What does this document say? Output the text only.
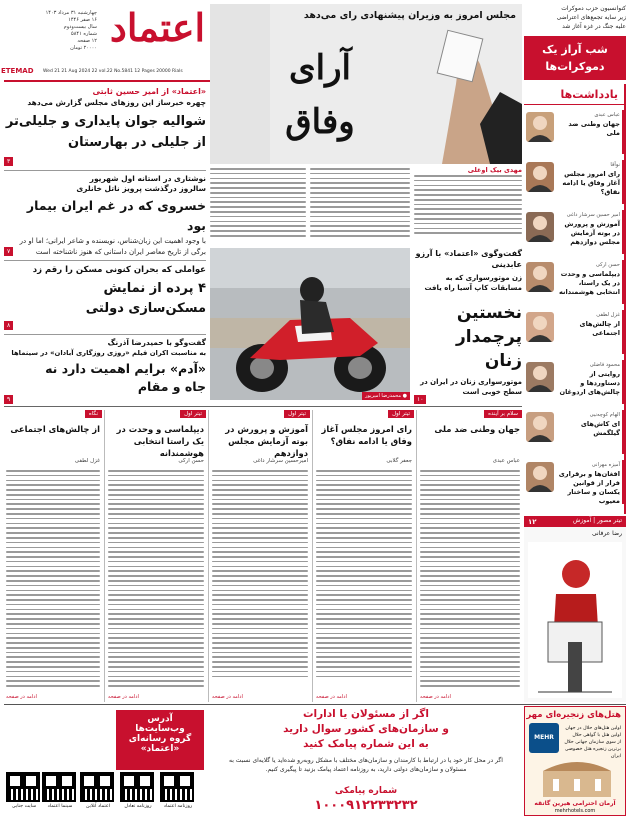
اعتماد
چهارشنبه ۳۱ مرداد ۱۴۰۳
۱۶ صفر ۱۴۴۶
سال بیست‌ودوم
شماره ۵۸۴۱
۱۲ صفحه
۲۰۰۰۰ تومان
ETEMAD Wed 21 21 Aug 2024 22 vol.22 No.5841 12 Pages 20000 Rials
کنوانسیون حزب دموکرات
زیر سایه تجمع‌های اعتراضی
علیه جنگ در غزه آغاز شد
شب آراز یک دموکرات‌ها
مجلس امروز به وزیران پیشنهادی رای می‌دهد
آرای
وفاق
«اعتماد» از امیر حسین ثابتی
چهره خبرساز این روزهای مجلس گزارش می‌دهد
شوالیه جوان پایداری و جلیلی‌تر از جلیلی در بهارستان
۳
نوشتاری در استانه اول شهریور
سالروز درگذشت پرویز ناتل خانلری
خسروی که در غم ایران بیمار بود
با وجود اهمیت این زبان‌شناس، نویسنده و شاعر ایرانی؛ اما او در برگی از تاریخ معاصر ایران داستانی که هنوز ناشناخته است
۷
عواملی که بحران کنونی مسکن را رقم زد
۴ پرده از نمایش مسکن‌سازی دولتی
۸
گفت‌وگو با حمیدرضا آذرنگ
به مناسبت اکران فیلم «روزی روزگاری آبادان» در سینماها
«آدم» برایم اهمیت دارد نه جاه و مقام
۹
مهدی بیک اوغلی
● محمدرضا امیرپور
گفت‌وگوی «اعتماد» با آرزو عابدینی
زن موتورسواری که به مسابقات کاپ آسیا راه یافت
نخستین پرچمدار زنان
موتورسواری زنان در ایران در سطح خوبی است
۱۰
یادداشت‌ها
عباس عبدی
جهان وطنی ضد ملی
نوآقا
رای امروز مجلس آغاز وفاق یا ادامه نفاق؟
امیر حسین سرشار داغی
آموزش و پرورش در بوته آزمایش مجلس دوازدهم
حسن ارکی
دیپلماسی و وحدت در یک راستا، انتخابی هوشمندانه
غزل لطفی
از چالش‌های اجتماعی
محمود فاضلی
روایتی از دستاوردها و چالش‌های اردوغان
الهام کوچه‌نیی
ای کاش‌های گیلگمش
آمیزه مهرانی
افغان‌ها و برقراری فرار از قوانین یکسان و ساختار معیوب
سلام بر آینده
جهان وطنی ضد ملی
عباس عبدی
ادامه در صفحه
تیتر اول
رای امروز مجلس آغاز وفاق یا ادامه نفاق؟
جعفر گلابی
ادامه در صفحه
تیتر اول
آموزش و پرورش در بوته آزمایش مجلس دوازدهم
امیرحسین سرشار داغی
ادامه در صفحه
تیتر اول
دیپلماسی و وحدت در یک راستا انتخابی هوشمندانه
حسن ارکی
ادامه در صفحه
نگاه
از چالش‌های اجتماعی
غزل لطفی
ادامه در صفحه
تیتر مصور | آموزش
رضا عرفانی
۱۲
اگر از مسئولان یا ادارات
و سازمان‌های کشور سوال دارید
به این شماره پیامک کنید
اگر در محل کار خود یا در ارتباط با کارمندان و سازمان‌های مختلف با مشکل روبه‌رو شده‌اید یا گلایه‌ای نسبت به مسئولان و سازمان‌های دولتی دارید، به روزنامه اعتماد پیامک بزنید تا پیگیری کنیم.
شماره پیامکی
۱۰۰۰۹۱۲۲۳۳۲۳۲
آدرس
وب‌سایت‌ها
گروه رسانه‌ای
«اعتماد»
روزنامه اعتماد
روزنامه تعادل
اعتماد آنلاین
سینما اعتماد
سایت جنایی
هتل‌های زنجیره‌ای مهر
MEHR
اولین هتل‌های حلال در جهان
اولین هتل با گواهی حلال
از سوی سازمان جهانی حلال
برترین زنجیره هتل خصوصی ایران
آرمان احترامی هیرین گاتقه
mehrhotels.com
